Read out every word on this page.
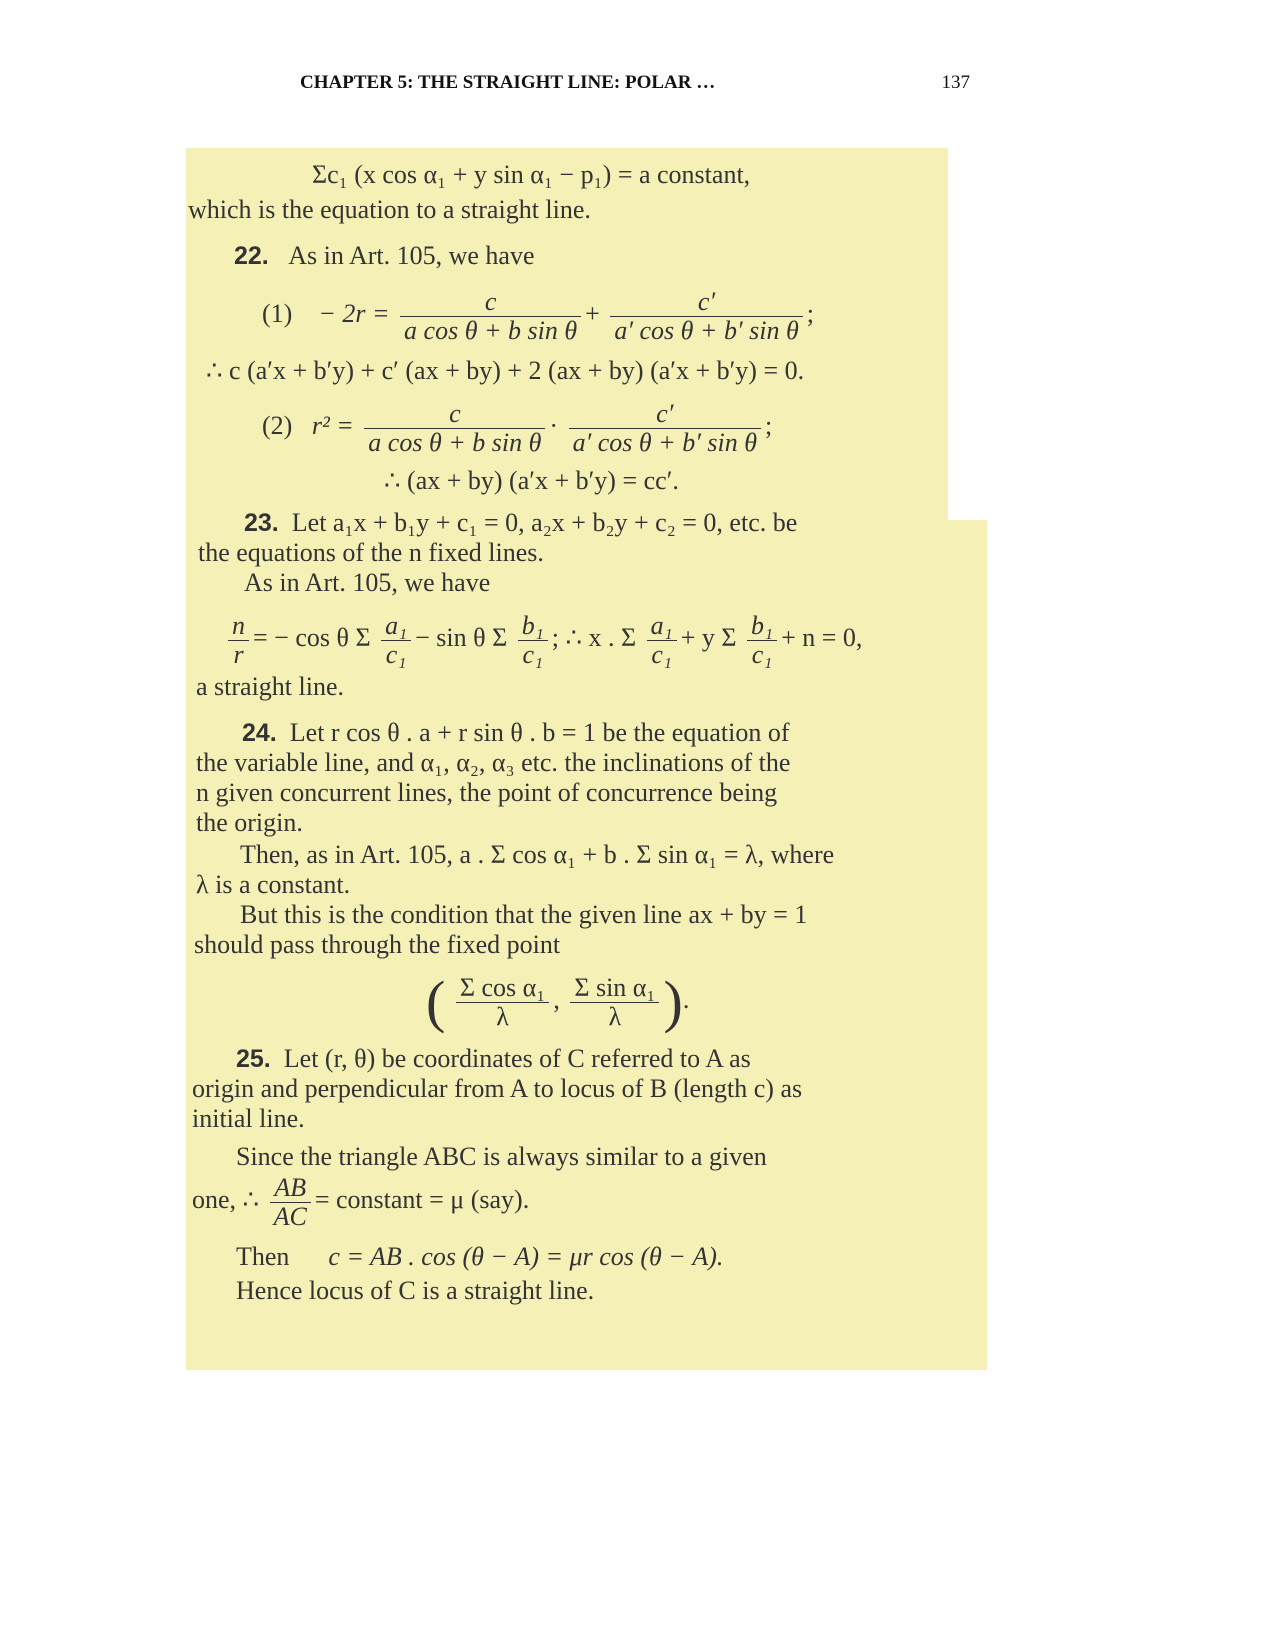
CHAPTER 5: THE STRAIGHT LINE: POLAR …	137
Σc₁ (x cos α₁ + y sin α₁ − p₁) = a constant,
which is the equation to a straight line.
22. As in Art. 105, we have
$(1) - 2r = \frac{c}{\text{a cos θ + b sin θ}} + \frac{c'}{\text{a′ cos θ + b′ sin θ}}$ ;
∴ c (a′x + b′y) + c′ (ax + by) + 2 (ax + by) (a′x + b′y) = 0.
(2) $r^2 = \frac{c}{\text{a cos θ + b sin θ}} \cdot \frac{c'}{\text{a′ cos θ + b′ sin θ}}$ ;
∴ (ax + by) (a′x + b′y) = cc′.
23. Let a₁x + b₁y + c₁ = 0, a₂x + b₂y + c₂ = 0, etc. be
the equations of the n fixed lines.
As in Art. 105, we have
$\frac{n}{r}$ = − cos θ Σ $\frac{\text{a₁}}{\text{c₁}} - \sin \theta$ Σ $\frac{\text{b₁}}{\text{c₁}}$ ; ∴ x . Σ $\frac{\text{a₁}}{\text{c₁}} + y$ Σ $\frac{\text{b₁}}{\text{c₁}} + n = 0$,
a straight line.
24. Let r cos θ . a + r sin θ . b = 1 be the equation of
the variable line, and α₁, α₂, α₃ etc. the inclinations of the
n given concurrent lines, the point of concurrence being
the origin.
Then, as in Art. 105, a . Σ cos α₁ + b . Σ sin α₁ = λ, where
λ is a constant.
But this is the condition that the given line ax + by = 1
should pass through the fixed point
( $\frac{\text{Σ cos α₁}}{\lambda}$ , $\frac{\text{Σ sin α₁}}{\lambda}$ ).
25. Let (r, θ) be coordinates of C referred to A as
origin and perpendicular from A to locus of B (length c) as
initial line.
Since the triangle ABC is always similar to a given
one, ∴ $\frac{AB}{AC}$ = constant = μ (say).
Then c = AB . cos (θ − A) = μr cos (θ − A).
Hence locus of C is a straight line.
